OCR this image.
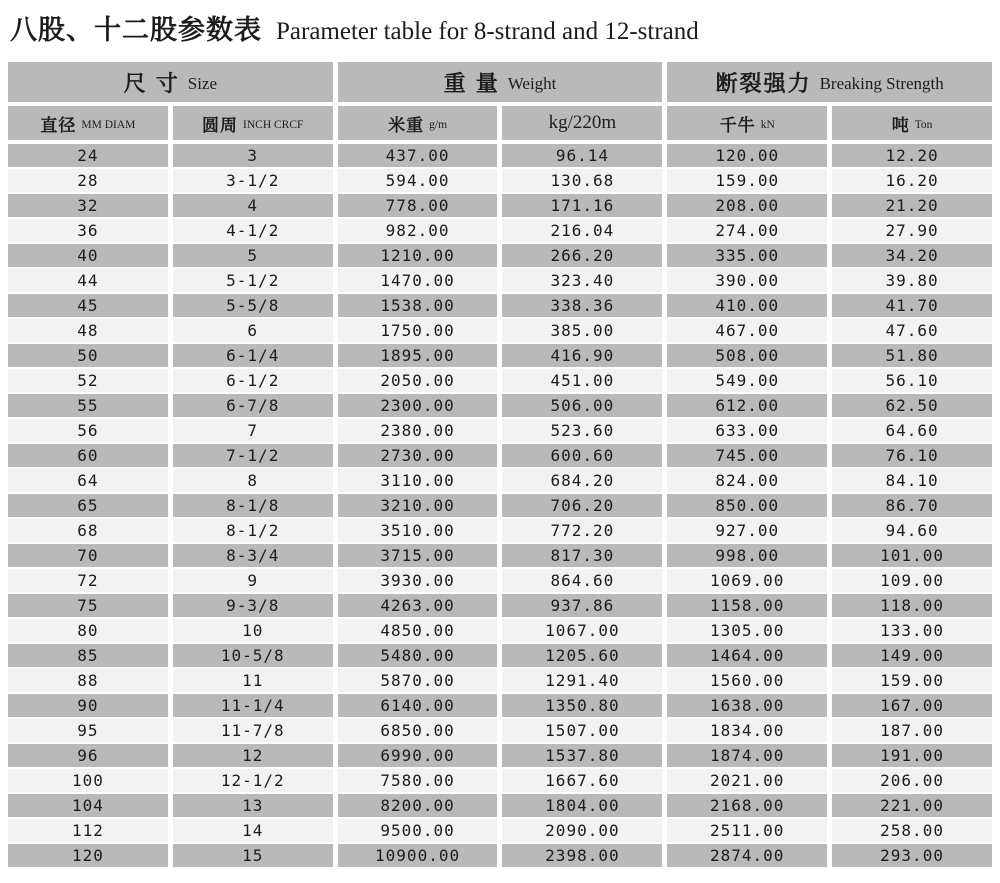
八股、十二股参数表 Parameter table for 8-strand and 12-strand
尺 寸 Size	重 量 Weight	断裂强力 Breaking Strength
直径 MM DIAM	圆周 INCH CRCF	米重 g/m	kg/220m	千牛 kN	吨 Ton
24	3	437.00	96.14	120.00	12.20
28	3-1/2	594.00	130.68	159.00	16.20
32	4	778.00	171.16	208.00	21.20
36	4-1/2	982.00	216.04	274.00	27.90
40	5	1210.00	266.20	335.00	34.20
44	5-1/2	1470.00	323.40	390.00	39.80
45	5-5/8	1538.00	338.36	410.00	41.70
48	6	1750.00	385.00	467.00	47.60
50	6-1/4	1895.00	416.90	508.00	51.80
52	6-1/2	2050.00	451.00	549.00	56.10
55	6-7/8	2300.00	506.00	612.00	62.50
56	7	2380.00	523.60	633.00	64.60
60	7-1/2	2730.00	600.60	745.00	76.10
64	8	3110.00	684.20	824.00	84.10
65	8-1/8	3210.00	706.20	850.00	86.70
68	8-1/2	3510.00	772.20	927.00	94.60
70	8-3/4	3715.00	817.30	998.00	101.00
72	9	3930.00	864.60	1069.00	109.00
75	9-3/8	4263.00	937.86	1158.00	118.00
80	10	4850.00	1067.00	1305.00	133.00
85	10-5/8	5480.00	1205.60	1464.00	149.00
88	11	5870.00	1291.40	1560.00	159.00
90	11-1/4	6140.00	1350.80	1638.00	167.00
95	11-7/8	6850.00	1507.00	1834.00	187.00
96	12	6990.00	1537.80	1874.00	191.00
100	12-1/2	7580.00	1667.60	2021.00	206.00
104	13	8200.00	1804.00	2168.00	221.00
112	14	9500.00	2090.00	2511.00	258.00
120	15	10900.00	2398.00	2874.00	293.00
